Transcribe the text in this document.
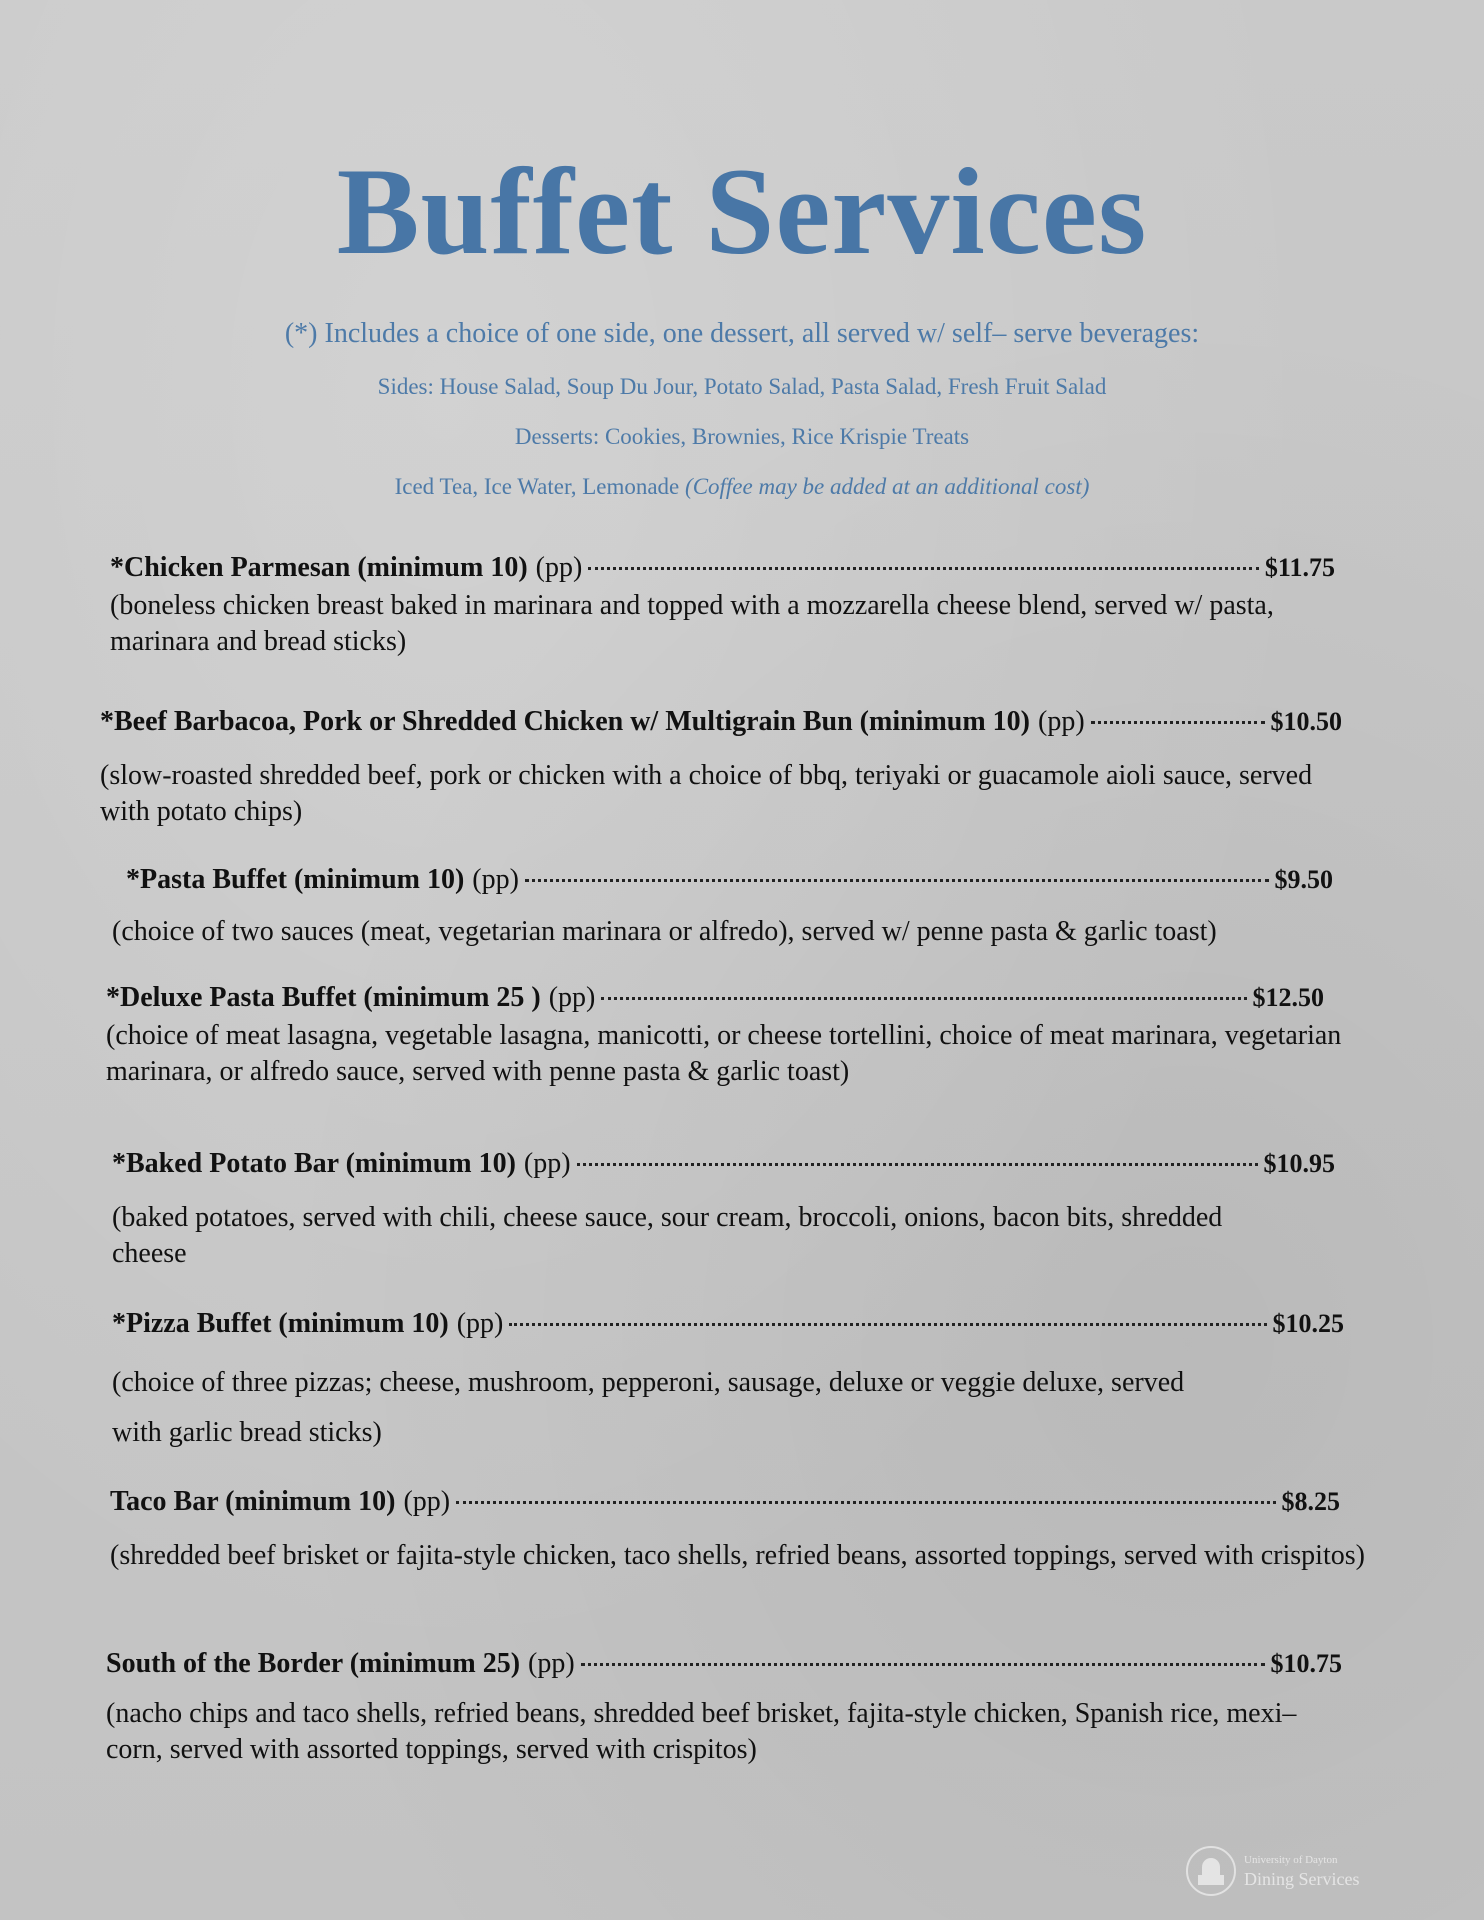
Buffet Services
(*) Includes a choice of one side, one dessert, all served w/ self– serve beverages:
Sides: House Salad, Soup Du Jour, Potato Salad, Pasta Salad, Fresh Fruit Salad
Desserts: Cookies, Brownies, Rice Krispie Treats
Iced Tea, Ice Water, Lemonade (Coffee may be added at an additional cost)
*Chicken Parmesan (minimum 10) (pp)	$11.75
(boneless chicken breast baked in marinara and topped with a mozzarella cheese blend, served w/ pasta, marinara and bread sticks)
*Beef Barbacoa, Pork or Shredded Chicken w/ Multigrain Bun (minimum 10) (pp)	$10.50
(slow-roasted shredded beef, pork or chicken with a choice of bbq, teriyaki or guacamole aioli sauce, served with potato chips)
*Pasta Buffet (minimum 10) (pp)	$9.50
(choice of two sauces (meat, vegetarian marinara or alfredo), served w/ penne pasta & garlic toast)
*Deluxe Pasta Buffet (minimum 25 ) (pp)	$12.50
(choice of meat lasagna, vegetable lasagna, manicotti, or cheese tortellini, choice of meat marinara, vegetarian marinara, or alfredo sauce, served with penne pasta & garlic toast)
*Baked Potato Bar (minimum 10) (pp)	$10.95
(baked potatoes, served with chili, cheese sauce, sour cream, broccoli, onions, bacon bits, shredded cheese
*Pizza Buffet (minimum 10) (pp)	$10.25
(choice of three pizzas; cheese, mushroom, pepperoni, sausage, deluxe or veggie deluxe, served with garlic bread sticks)
Taco Bar (minimum 10) (pp)	$8.25
(shredded beef brisket or fajita-style chicken, taco shells, refried beans, assorted toppings, served with crispitos)
South of the Border (minimum 25) (pp)	$10.75
(nacho chips and taco shells, refried beans, shredded beef brisket, fajita-style chicken, Spanish rice, mexi– corn, served with assorted toppings, served with crispitos)
University of Dayton
Dining Services
